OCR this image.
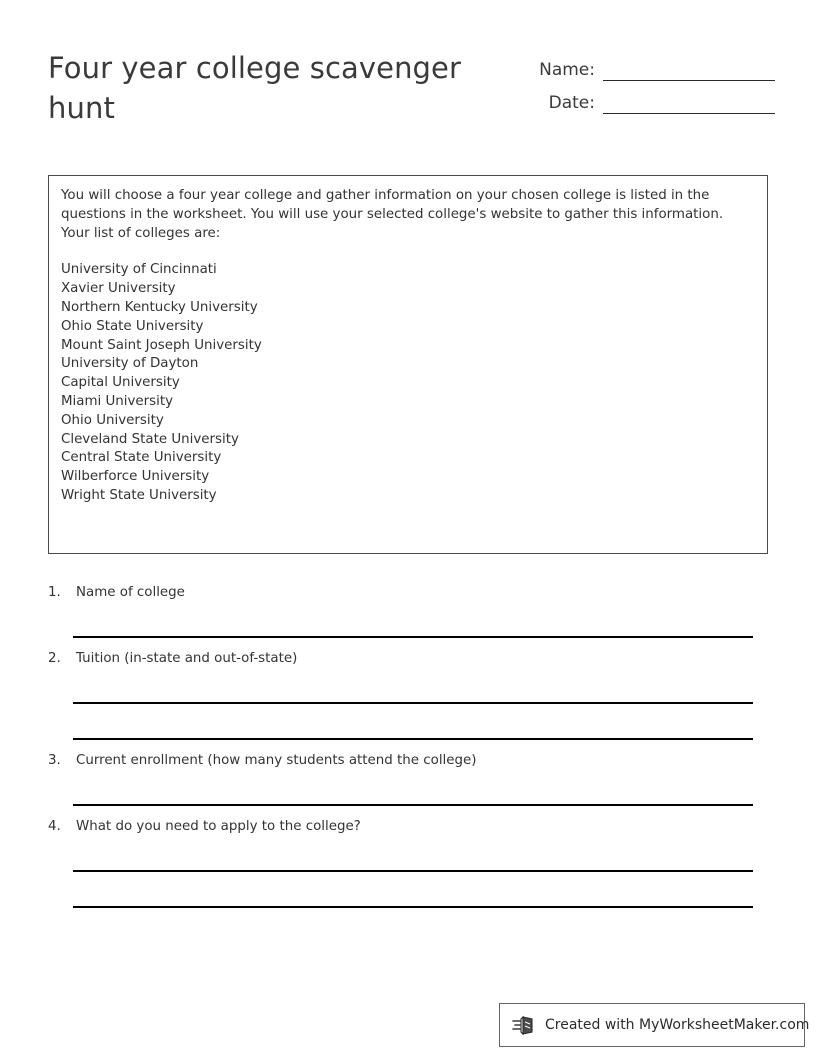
Four year college scavenger hunt
Name:
Date:

You will choose a four year college and gather information on your chosen college is listed in the questions in the worksheet. You will use your selected college's website to gather this information. Your list of colleges are:

University of Cincinnati
Xavier University
Northern Kentucky University
Ohio State University
Mount Saint Joseph University
University of Dayton
Capital University
Miami University
Ohio University
Cleveland State University
Central State University
Wilberforce University
Wright State University
1.	Name of college
2.	Tuition (in-state and out-of-state)
3.	Current enrollment (how many students attend the college)
4.	What do you need to apply to the college?
Created with MyWorksheetMaker.com
